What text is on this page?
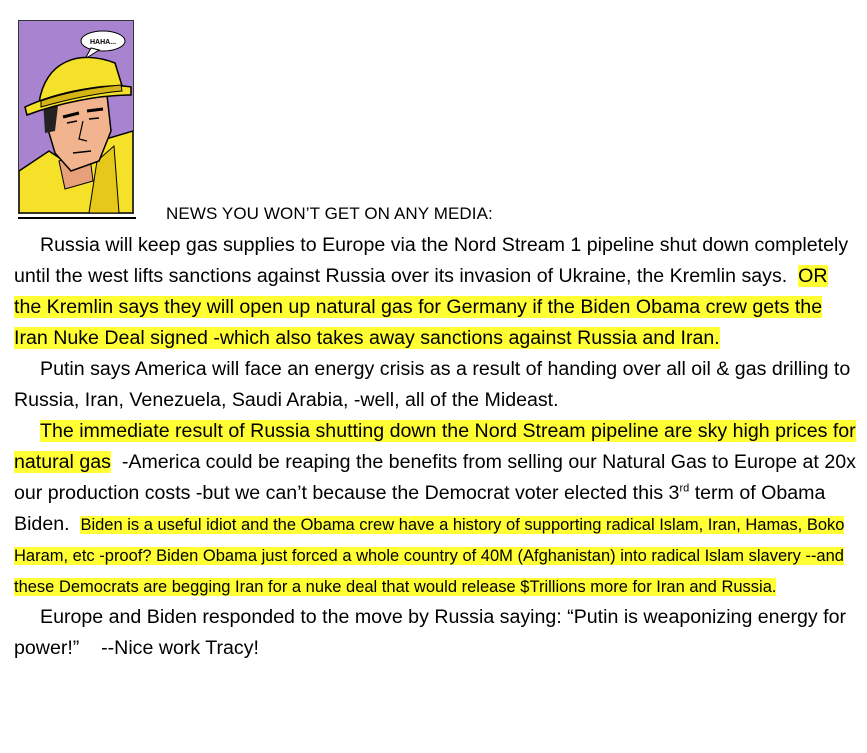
HAHA...
NEWS YOU WON’T GET ON ANY MEDIA:

Russia will keep gas supplies to Europe via the Nord Stream 1 pipeline shut down completely until the west lifts sanctions against Russia over its invasion of Ukraine, the Kremlin says. OR the Kremlin says they will open up natural gas for Germany if the Biden Obama crew gets the Iran Nuke Deal signed -which also takes away sanctions against Russia and Iran.

Putin says America will face an energy crisis as a result of handing over all oil & gas drilling to Russia, Iran, Venezuela, Saudi Arabia, -well, all of the Mideast.

The immediate result of Russia shutting down the Nord Stream pipeline are sky high prices for natural gas -America could be reaping the benefits from selling our Natural Gas to Europe at 20x our production costs -but we can’t because the Democrat voter elected this 3rd term of Obama Biden. Biden is a useful idiot and the Obama crew have a history of supporting radical Islam, Iran, Hamas, Boko Haram, etc -proof? Biden Obama just forced a whole country of 40M (Afghanistan) into radical Islam slavery --and these Democrats are begging Iran for a nuke deal that would release $Trillions more for Iran and Russia.

Europe and Biden responded to the move by Russia saying: “Putin is weaponizing energy for power!” --Nice work Tracy!
